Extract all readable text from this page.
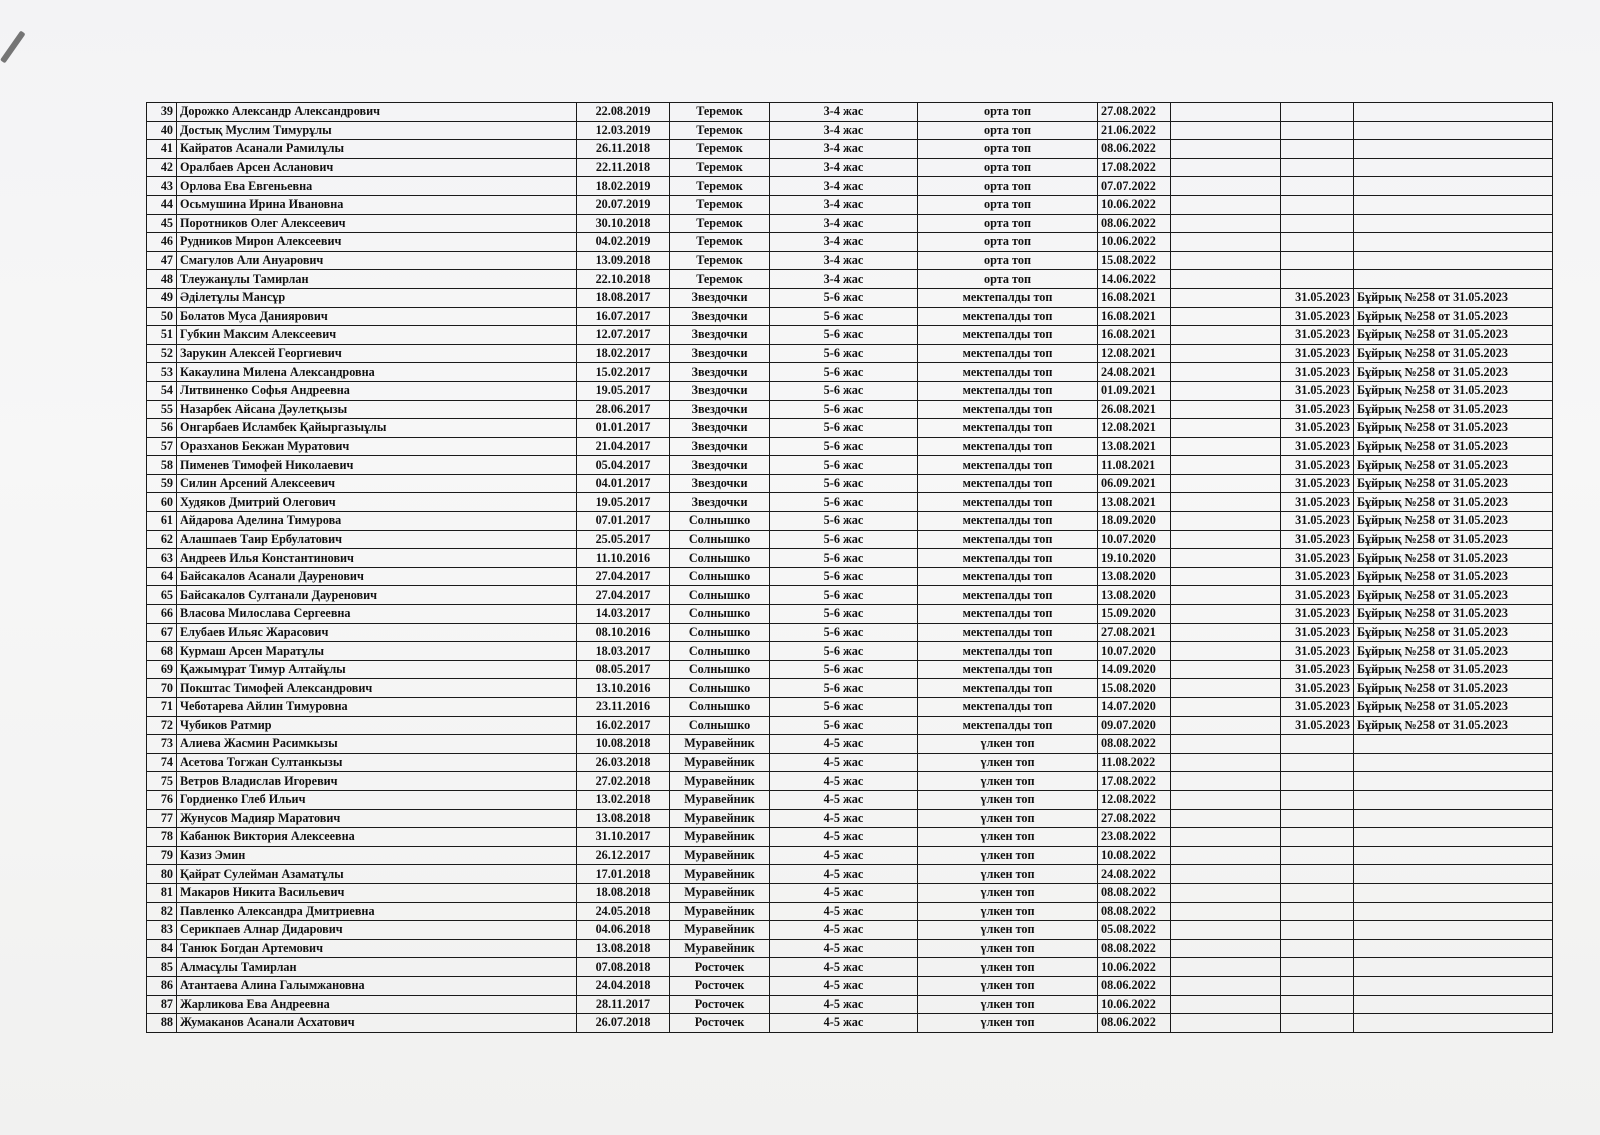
39	Дорожко Александр Александрович	22.08.2019	Теремок	3-4 жас	орта топ	27.08.2022			
40	Достық Муслим Тимурұлы	12.03.2019	Теремок	3-4 жас	орта топ	21.06.2022			
41	Кайратов Асанали Рамилұлы	26.11.2018	Теремок	3-4 жас	орта топ	08.06.2022			
42	Оралбаев Арсен Асланович	22.11.2018	Теремок	3-4 жас	орта топ	17.08.2022			
43	Орлова Ева Евгеньевна	18.02.2019	Теремок	3-4 жас	орта топ	07.07.2022			
44	Осьмушина Ирина Ивановна	20.07.2019	Теремок	3-4 жас	орта топ	10.06.2022			
45	Поротников Олег Алексеевич	30.10.2018	Теремок	3-4 жас	орта топ	08.06.2022			
46	Рудников Мирон Алексеевич	04.02.2019	Теремок	3-4 жас	орта топ	10.06.2022			
47	Смагулов Али Ануарович	13.09.2018	Теремок	3-4 жас	орта топ	15.08.2022			
48	Тлеужанұлы Тамирлан	22.10.2018	Теремок	3-4 жас	орта топ	14.06.2022			
49	Әділетұлы Мансұр	18.08.2017	Звездочки	5-6 жас	мектепалды топ	16.08.2021		31.05.2023	Бұйрық №258 от 31.05.2023
50	Болатов Муса Даниярович	16.07.2017	Звездочки	5-6 жас	мектепалды топ	16.08.2021		31.05.2023	Бұйрық №258 от 31.05.2023
51	Губкин Максим Алексеевич	12.07.2017	Звездочки	5-6 жас	мектепалды топ	16.08.2021		31.05.2023	Бұйрық №258 от 31.05.2023
52	Зарукин Алексей Георгиевич	18.02.2017	Звездочки	5-6 жас	мектепалды топ	12.08.2021		31.05.2023	Бұйрық №258 от 31.05.2023
53	Какаулина Милена Александровна	15.02.2017	Звездочки	5-6 жас	мектепалды топ	24.08.2021		31.05.2023	Бұйрық №258 от 31.05.2023
54	Литвиненко Софья Андреевна	19.05.2017	Звездочки	5-6 жас	мектепалды топ	01.09.2021		31.05.2023	Бұйрық №258 от 31.05.2023
55	Назарбек Айсана Дәулетқызы	28.06.2017	Звездочки	5-6 жас	мектепалды топ	26.08.2021		31.05.2023	Бұйрық №258 от 31.05.2023
56	Онгарбаев Исламбек Қайыргазыұлы	01.01.2017	Звездочки	5-6 жас	мектепалды топ	12.08.2021		31.05.2023	Бұйрық №258 от 31.05.2023
57	Оразханов Бекжан Муратович	21.04.2017	Звездочки	5-6 жас	мектепалды топ	13.08.2021		31.05.2023	Бұйрық №258 от 31.05.2023
58	Пименев Тимофей Николаевич	05.04.2017	Звездочки	5-6 жас	мектепалды топ	11.08.2021		31.05.2023	Бұйрық №258 от 31.05.2023
59	Силин Арсений Алексеевич	04.01.2017	Звездочки	5-6 жас	мектепалды топ	06.09.2021		31.05.2023	Бұйрық №258 от 31.05.2023
60	Худяков Дмитрий Олегович	19.05.2017	Звездочки	5-6 жас	мектепалды топ	13.08.2021		31.05.2023	Бұйрық №258 от 31.05.2023
61	Айдарова Аделина Тимурова	07.01.2017	Солнышко	5-6 жас	мектепалды топ	18.09.2020		31.05.2023	Бұйрық №258 от 31.05.2023
62	Алашпаев Таир Ербулатович	25.05.2017	Солнышко	5-6 жас	мектепалды топ	10.07.2020		31.05.2023	Бұйрық №258 от 31.05.2023
63	Андреев Илья Константинович	11.10.2016	Солнышко	5-6 жас	мектепалды топ	19.10.2020		31.05.2023	Бұйрық №258 от 31.05.2023
64	Байсакалов Асанали Дауренович	27.04.2017	Солнышко	5-6 жас	мектепалды топ	13.08.2020		31.05.2023	Бұйрық №258 от 31.05.2023
65	Байсакалов Султанали Дауренович	27.04.2017	Солнышко	5-6 жас	мектепалды топ	13.08.2020		31.05.2023	Бұйрық №258 от 31.05.2023
66	Власова Милослава Сергеевна	14.03.2017	Солнышко	5-6 жас	мектепалды топ	15.09.2020		31.05.2023	Бұйрық №258 от 31.05.2023
67	Елубаев Ильяс Жарасович	08.10.2016	Солнышко	5-6 жас	мектепалды топ	27.08.2021		31.05.2023	Бұйрық №258 от 31.05.2023
68	Курмаш Арсен Маратұлы	18.03.2017	Солнышко	5-6 жас	мектепалды топ	10.07.2020		31.05.2023	Бұйрық №258 от 31.05.2023
69	Қажымұрат Тимур Алтайұлы	08.05.2017	Солнышко	5-6 жас	мектепалды топ	14.09.2020		31.05.2023	Бұйрық №258 от 31.05.2023
70	Покштас Тимофей Александрович	13.10.2016	Солнышко	5-6 жас	мектепалды топ	15.08.2020		31.05.2023	Бұйрық №258 от 31.05.2023
71	Чеботарева Айлин Тимуровна	23.11.2016	Солнышко	5-6 жас	мектепалды топ	14.07.2020		31.05.2023	Бұйрық №258 от 31.05.2023
72	Чубиков Ратмир	16.02.2017	Солнышко	5-6 жас	мектепалды топ	09.07.2020		31.05.2023	Бұйрық №258 от 31.05.2023
73	Алиева Жасмин Расимкызы	10.08.2018	Муравейник	4-5 жас	үлкен топ	08.08.2022			
74	Асетова Тогжан Султанкызы	26.03.2018	Муравейник	4-5 жас	үлкен топ	11.08.2022			
75	Ветров Владислав Игоревич	27.02.2018	Муравейник	4-5 жас	үлкен топ	17.08.2022			
76	Гордиенко Глеб Ильич	13.02.2018	Муравейник	4-5 жас	үлкен топ	12.08.2022			
77	Жунусов Мадияр Маратович	13.08.2018	Муравейник	4-5 жас	үлкен топ	27.08.2022			
78	Кабанюк Виктория Алексеевна	31.10.2017	Муравейник	4-5 жас	үлкен топ	23.08.2022			
79	Казиз Эмин	26.12.2017	Муравейник	4-5 жас	үлкен топ	10.08.2022			
80	Қайрат Сулейман Азаматұлы	17.01.2018	Муравейник	4-5 жас	үлкен топ	24.08.2022			
81	Макаров Никита Васильевич	18.08.2018	Муравейник	4-5 жас	үлкен топ	08.08.2022			
82	Павленко Александра Дмитриевна	24.05.2018	Муравейник	4-5 жас	үлкен топ	08.08.2022			
83	Серикпаев Алнар Дидарович	04.06.2018	Муравейник	4-5 жас	үлкен топ	05.08.2022			
84	Танюк Богдан Артемович	13.08.2018	Муравейник	4-5 жас	үлкен топ	08.08.2022			
85	Алмасұлы Тамирлан	07.08.2018	Росточек	4-5 жас	үлкен топ	10.06.2022			
86	Атантаева Алина Галымжановна	24.04.2018	Росточек	4-5 жас	үлкен топ	08.06.2022			
87	Жарликова Ева Андреевна	28.11.2017	Росточек	4-5 жас	үлкен топ	10.06.2022			
88	Жумаканов Асанали Асхатович	26.07.2018	Росточек	4-5 жас	үлкен топ	08.06.2022			
